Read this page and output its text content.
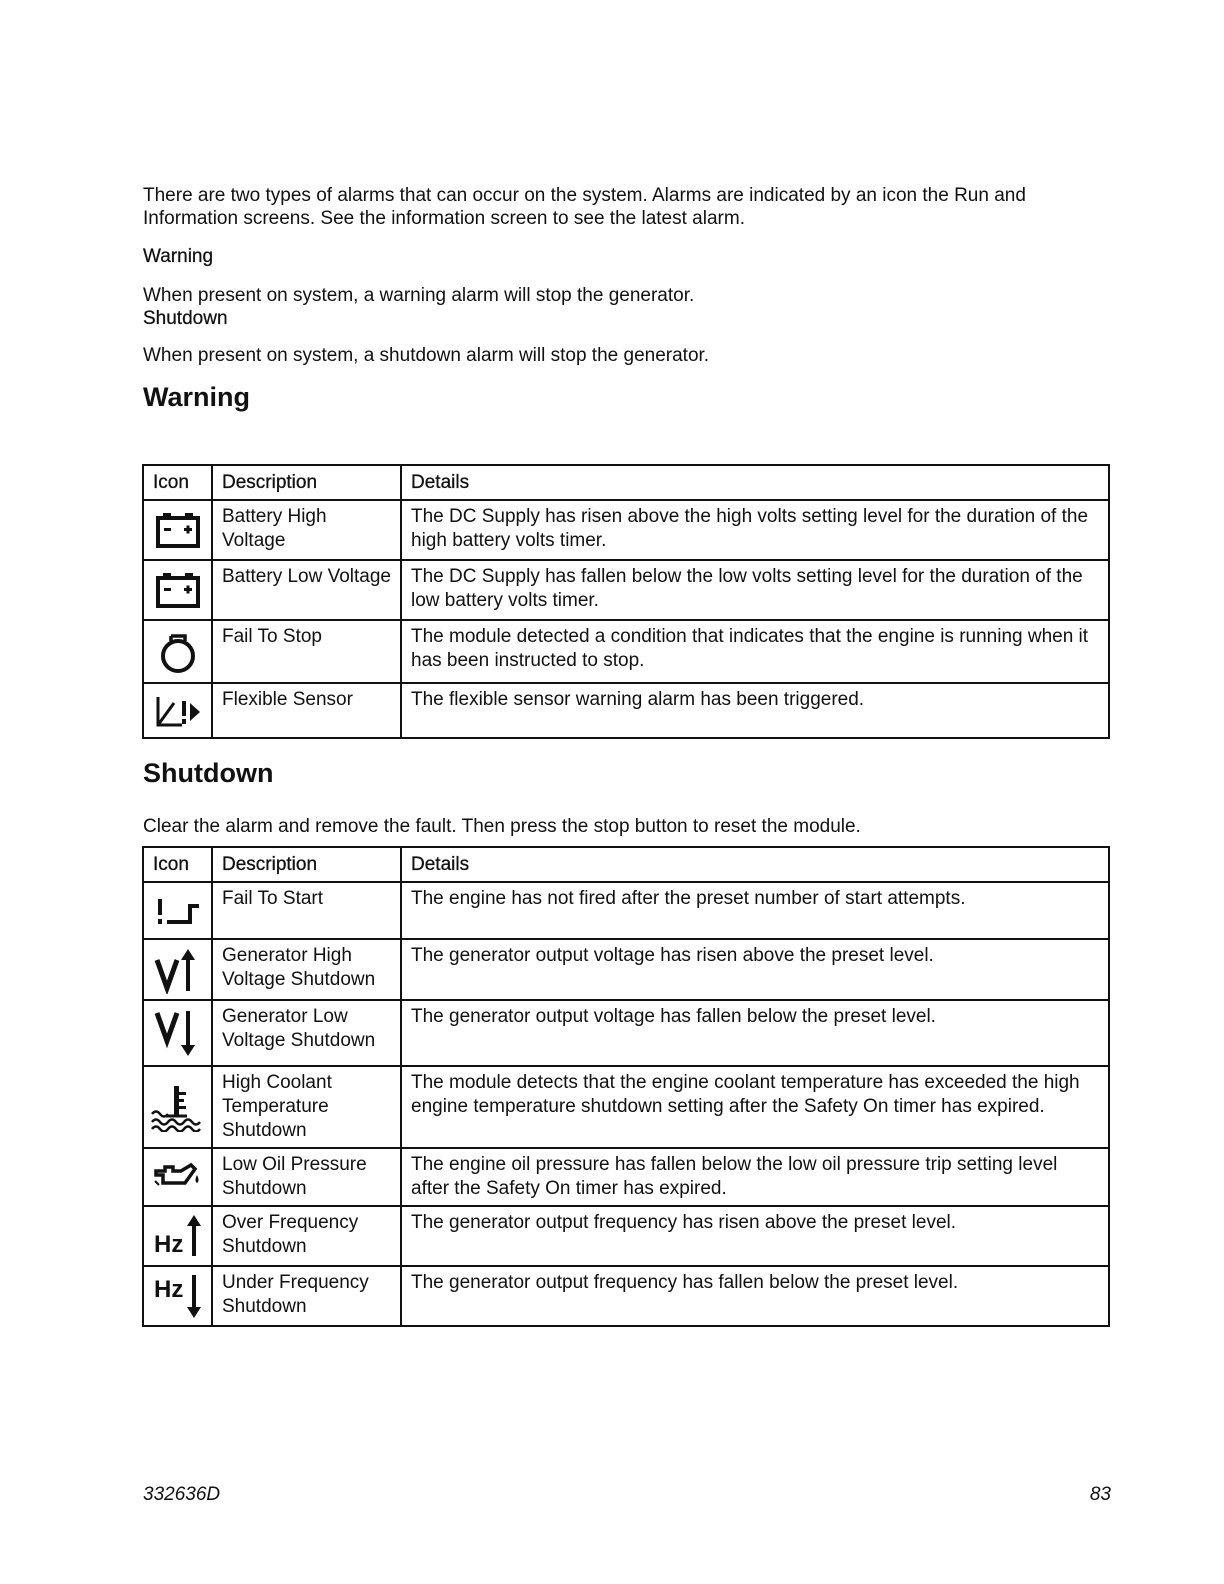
There are two types of alarms that can occur on the system. Alarms are indicated by an icon the Run and Information screens. See the information screen to see the latest alarm.

Warning

When present on system, a warning alarm will stop the generator.

Shutdown

When present on system, a shutdown alarm will stop the generator.

Warning
Icon	Description	Details

	Battery High Voltage	The DC Supply has risen above the high volts setting level for the duration of the high battery volts timer.

	Battery Low Voltage	The DC Supply has fallen below the low volts setting level for the duration of the low battery volts timer.

	Fail To Stop	The module detected a condition that indicates that the engine is running when it has been instructed to stop.

	Flexible Sensor	The flexible sensor warning alarm has been triggered.
Shutdown

Clear the alarm and remove the fault. Then press the stop button to reset the module.

Icon	Description	Details

	Fail To Start	The engine has not fired after the preset number of start attempts.

	Generator High Voltage Shutdown	The generator output voltage has risen above the preset level.

	Generator Low Voltage Shutdown	The generator output voltage has fallen below the preset level.

	High Coolant Temperature Shutdown	The module detects that the engine coolant temperature has exceeded the high engine temperature shutdown setting after the Safety On timer has expired.

	Low Oil Pressure Shutdown	The engine oil pressure has fallen below the low oil pressure trip setting level after the Safety On timer has expired.

Hz	Over Frequency Shutdown	The generator output frequency has risen above the preset level.

Hz	Under Frequency Shutdown	The generator output frequency has fallen below the preset level.
332636D	83
